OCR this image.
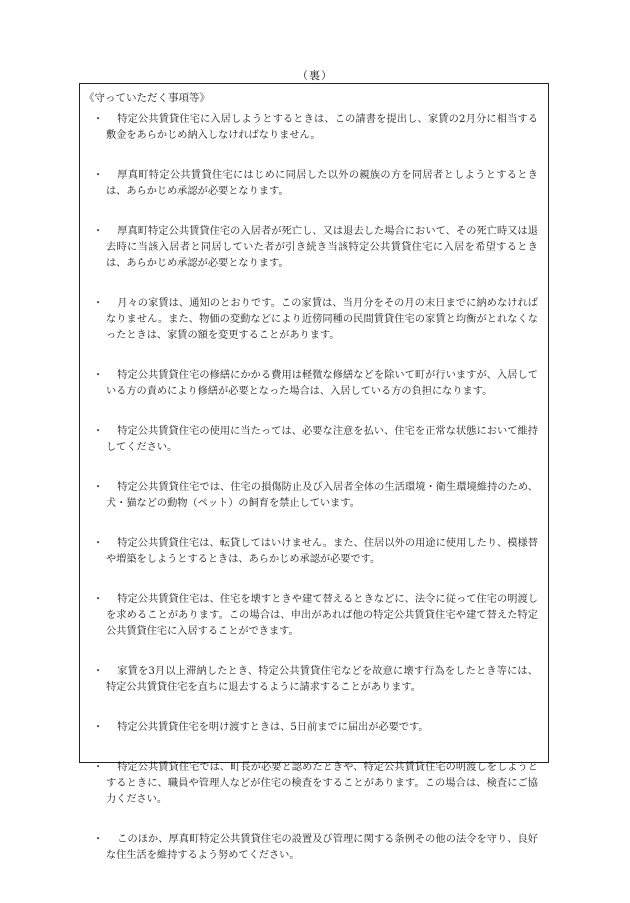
（裏）
《守っていただく事項等》
・	特定公共賃貸住宅に入居しようとするときは、この請書を提出し、家賃の2月分に相当する敷金をあらかじめ納入しなければなりません。
・	厚真町特定公共賃貸住宅にはじめに同居した以外の親族の方を同居者としようとするときは、あらかじめ承認が必要となります。
・	厚真町特定公共賃貸住宅の入居者が死亡し、又は退去した場合において、その死亡時又は退去時に当該入居者と同居していた者が引き続き当該特定公共賃貸住宅に入居を希望するときは、あらかじめ承認が必要となります。
・	月々の家賃は、通知のとおりです。この家賃は、当月分をその月の末日までに納めなければなりません。また、物価の変動などにより近傍同種の民間賃貸住宅の家賃と均衡がとれなくなったときは、家賃の額を変更することがあります。
・	特定公共賃貸住宅の修繕にかかる費用は軽微な修繕などを除いて町が行いますが、入居している方の責めにより修繕が必要となった場合は、入居している方の負担になります。
・	特定公共賃貸住宅の使用に当たっては、必要な注意を払い、住宅を正常な状態において維持してください。
・	特定公共賃貸住宅では、住宅の損傷防止及び入居者全体の生活環境・衛生環境維持のため、犬・猫などの動物（ペット）の飼育を禁止しています。
・	特定公共賃貸住宅は、転貸してはいけません。また、住居以外の用途に使用したり、模様替や増築をしようとするときは、あらかじめ承認が必要です。
・	特定公共賃貸住宅は、住宅を壊すときや建て替えるときなどに、法令に従って住宅の明渡しを求めることがあります。この場合は、申出があれば他の特定公共賃貸住宅や建て替えた特定公共賃貸住宅に入居することができます。
・	家賃を3月以上滞納したとき、特定公共賃貸住宅などを故意に壊す行為をしたとき等には、特定公共賃貸住宅を直ちに退去するように請求することがあります。
・	特定公共賃貸住宅を明け渡すときは、5日前までに届出が必要です。
・	特定公共賃貸住宅では、町長が必要と認めたときや、特定公共賃貸住宅の明渡しをしようとするときに、職員や管理人などが住宅の検査をすることがあります。この場合は、検査にご協力ください。
・	このほか、厚真町特定公共賃貸住宅の設置及び管理に関する条例その他の法令を守り、良好な住生活を維持するよう努めてください。
